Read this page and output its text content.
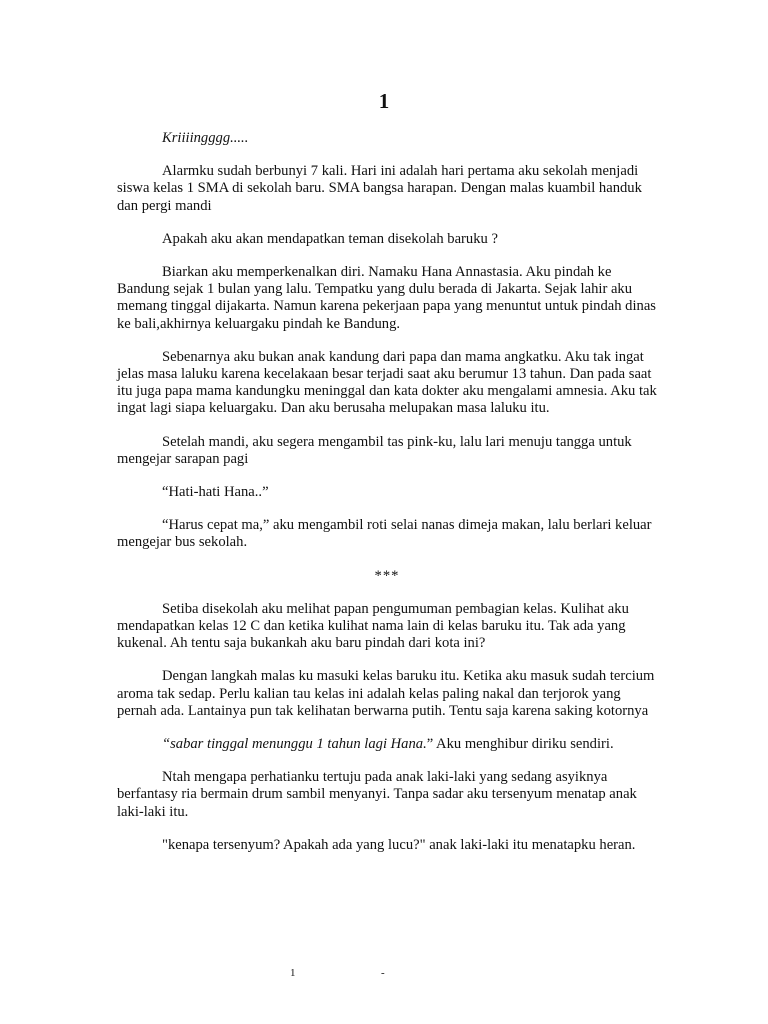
1

Kriiiingggg.....

Alarmku sudah berbunyi 7 kali. Hari ini adalah hari pertama aku sekolah menjadi siswa kelas 1 SMA di sekolah baru. SMA bangsa harapan. Dengan malas kuambil handuk dan pergi mandi

Apakah aku akan mendapatkan teman disekolah baruku ?

Biarkan aku memperkenalkan diri. Namaku Hana Annastasia. Aku pindah ke Bandung sejak 1 bulan yang lalu. Tempatku yang dulu berada di Jakarta. Sejak lahir aku memang tinggal dijakarta. Namun karena pekerjaan papa yang menuntut untuk pindah dinas ke bali,akhirnya keluargaku pindah ke Bandung.

Sebenarnya aku bukan anak kandung dari papa dan mama angkatku. Aku tak ingat jelas masa laluku karena kecelakaan besar terjadi saat aku berumur 13 tahun. Dan pada saat itu juga papa mama kandungku meninggal dan kata dokter aku mengalami amnesia. Aku tak ingat lagi siapa keluargaku. Dan aku berusaha melupakan masa laluku itu.

Setelah mandi, aku segera mengambil tas pink-ku, lalu lari menuju tangga untuk mengejar sarapan pagi

“Hati-hati Hana..”

“Harus cepat ma,” aku mengambil roti selai nanas dimeja makan, lalu berlari keluar mengejar bus sekolah.

***

Setiba disekolah aku melihat papan pengumuman pembagian kelas. Kulihat aku mendapatkan kelas 12 C dan ketika kulihat nama lain di kelas baruku itu. Tak ada yang kukenal. Ah tentu saja bukankah aku baru pindah dari kota ini?

Dengan langkah malas ku masuki kelas baruku itu. Ketika aku masuk sudah tercium aroma tak sedap. Perlu kalian tau kelas ini adalah kelas paling nakal dan terjorok yang pernah ada. Lantainya pun tak kelihatan berwarna putih. Tentu saja karena saking kotornya

“sabar tinggal menunggu 1 tahun lagi Hana.” Aku menghibur diriku sendiri.

Ntah mengapa perhatianku tertuju pada anak laki-laki yang sedang asyiknya berfantasy ria bermain drum sambil menyanyi. Tanpa sadar aku tersenyum menatap anak laki-laki itu.

"kenapa tersenyum? Apakah ada yang lucu?" anak laki-laki itu menatapku heran.

1	-
